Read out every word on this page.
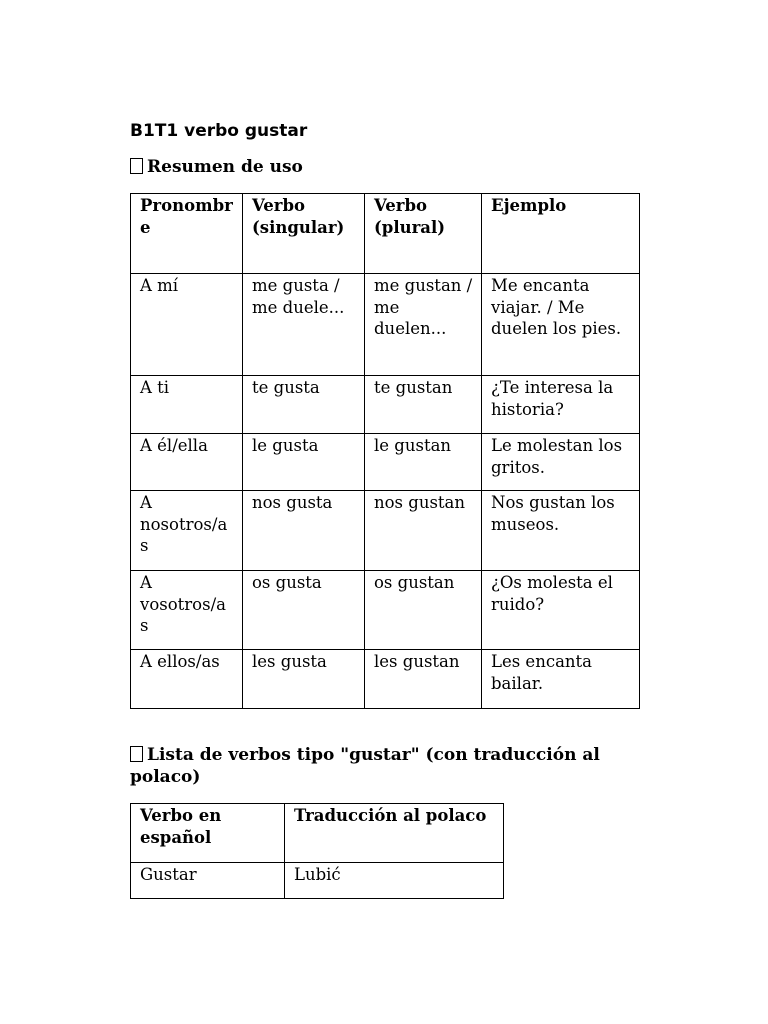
B1T1 verbo gustar

Resumen de uso

Pronombre	Verbo (singular)	Verbo (plural)	Ejemplo
A mí	me gusta / me duele...	me gustan / me duelen...	Me encanta viajar. / Me duelen los pies.
A ti	te gusta	te gustan	¿Te interesa la historia?
A él/ella	le gusta	le gustan	Le molestan los gritos.
A nosotros/as	nos gusta	nos gustan	Nos gustan los museos.
A vosotros/as	os gusta	os gustan	¿Os molesta el ruido?
A ellos/as	les gusta	les gustan	Les encanta bailar.

Lista de verbos tipo "gustar" (con traducción al polaco)

Verbo en español	Traducción al polaco
Gustar	Lubić
